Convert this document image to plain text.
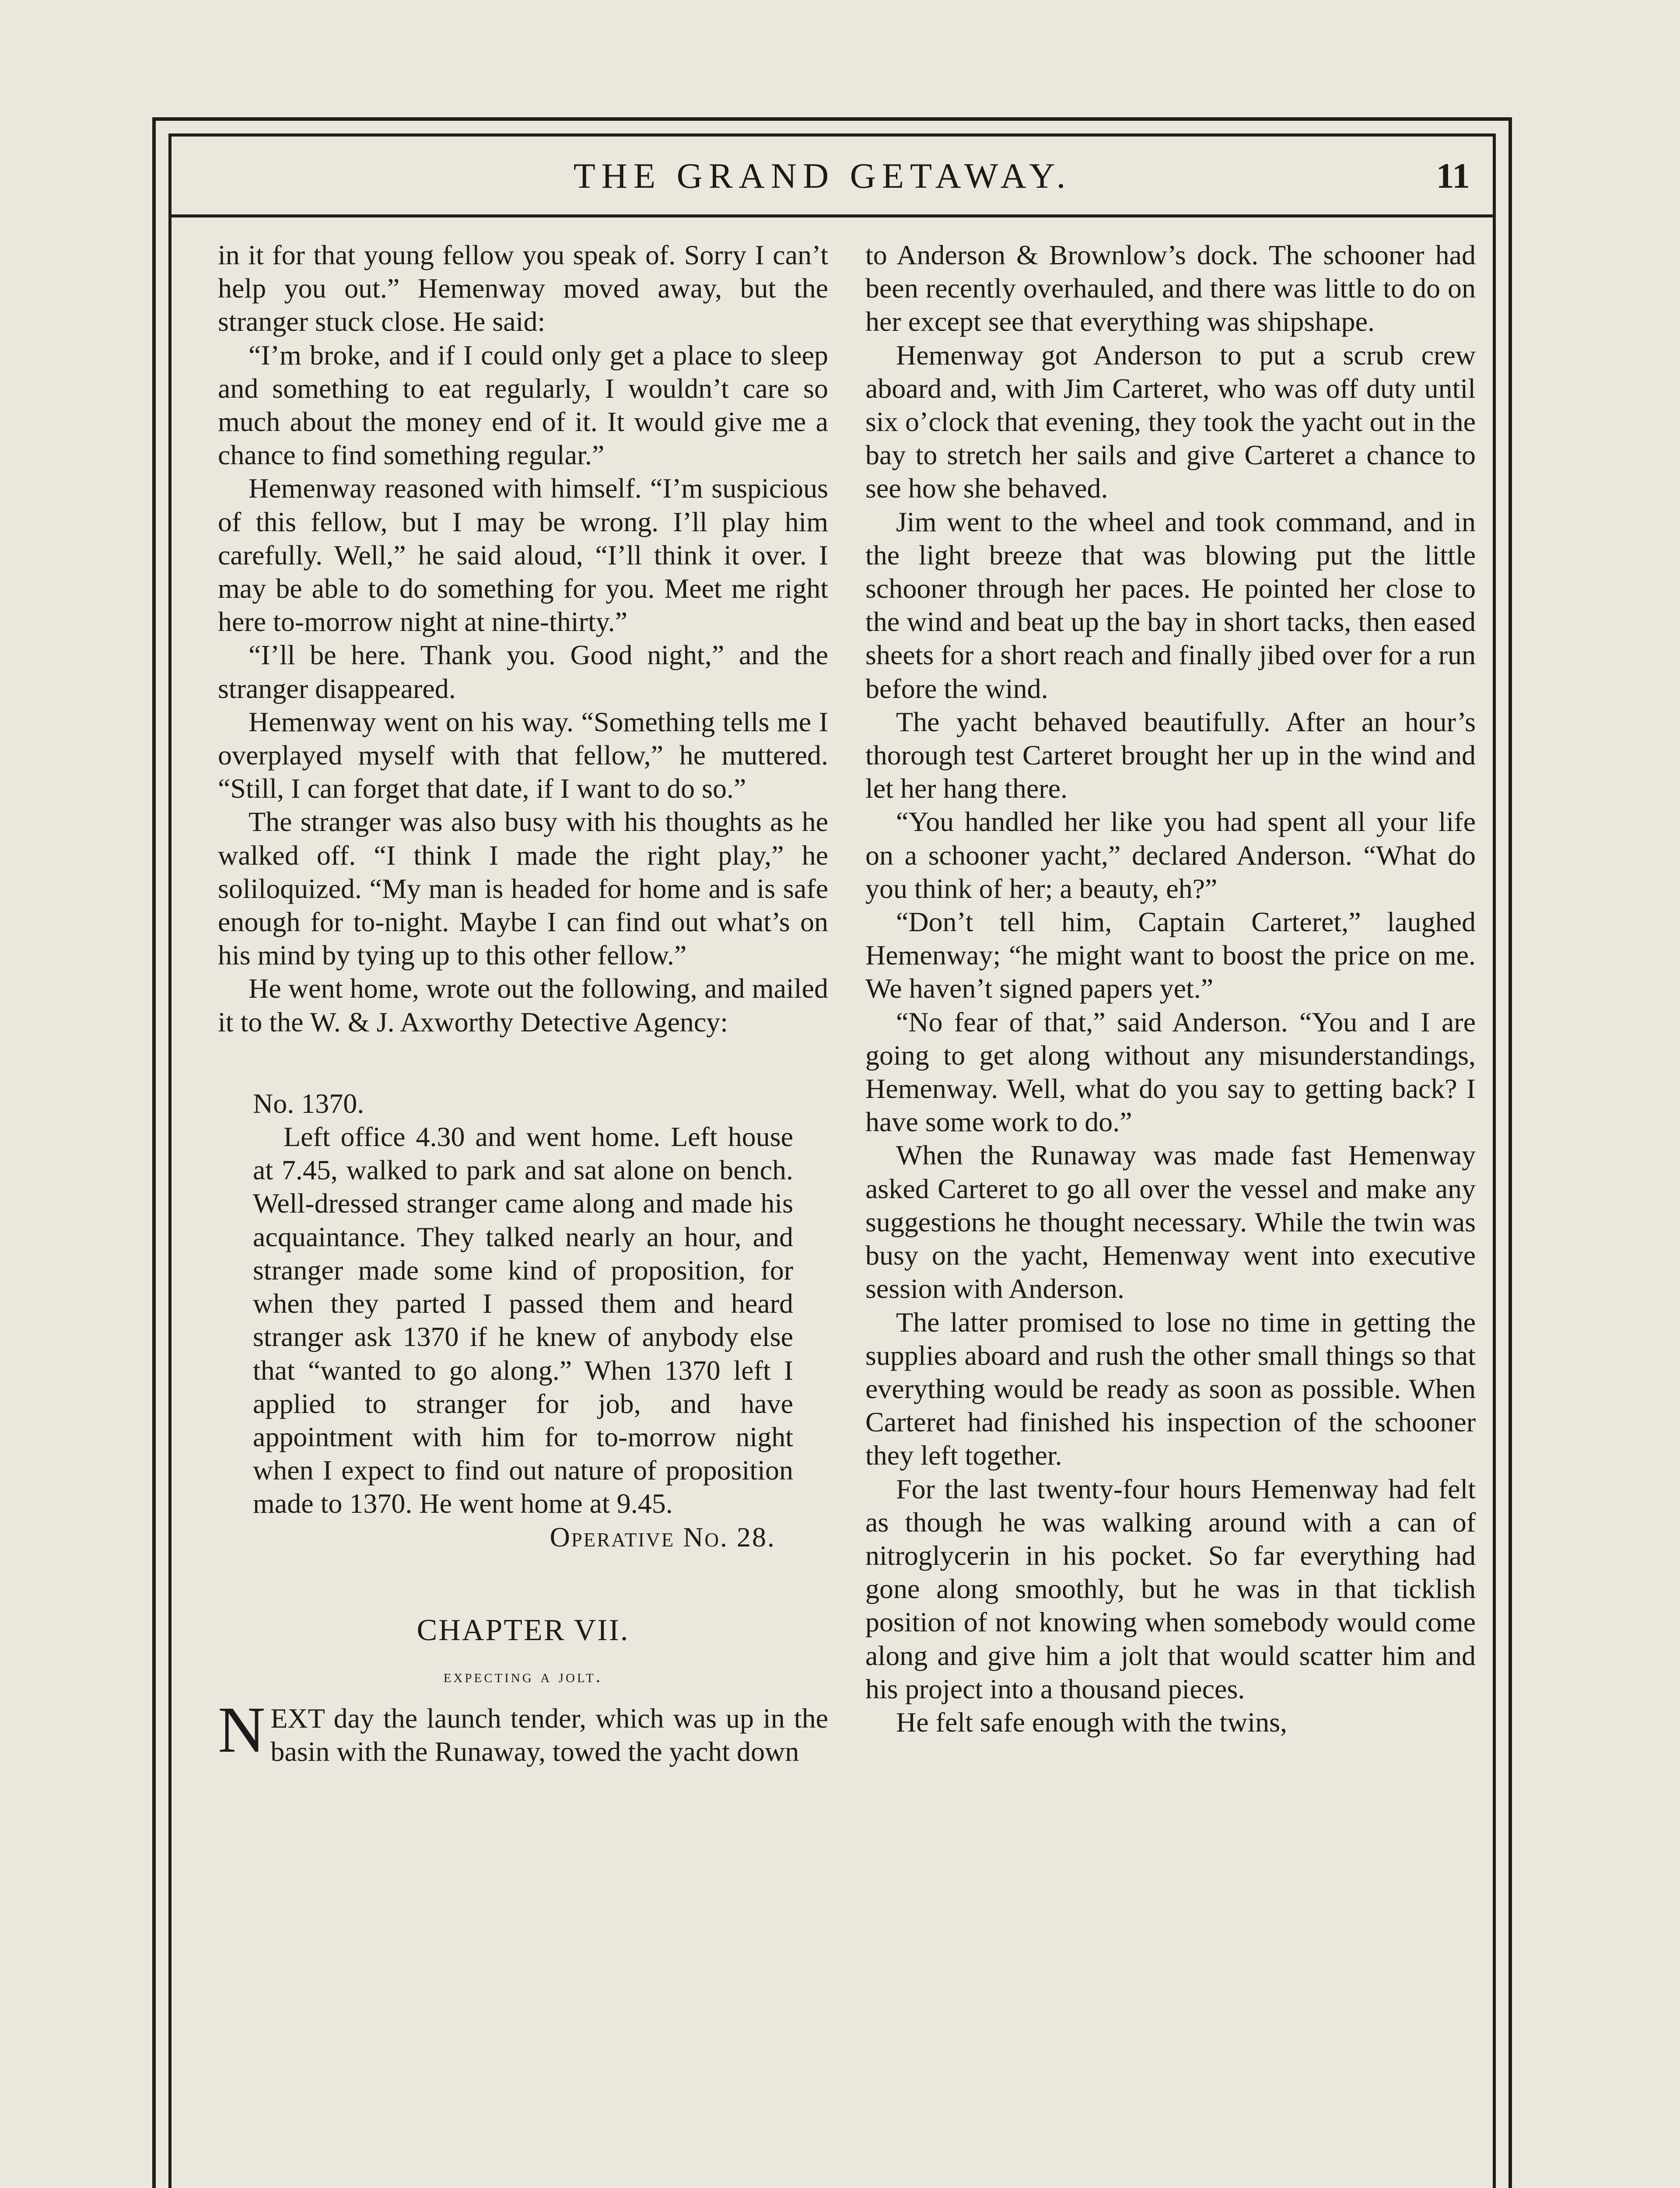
THE GRAND GETAWAY.	11

in it for that young fellow you speak of. Sorry I can’t help you out.” Hemenway moved away, but the stranger stuck close. He said:

“I’m broke, and if I could only get a place to sleep and something to eat regularly, I wouldn’t care so much about the money end of it. It would give me a chance to find something regular.”

Hemenway reasoned with himself. “I’m suspicious of this fellow, but I may be wrong. I’ll play him carefully. Well,” he said aloud, “I’ll think it over. I may be able to do something for you. Meet me right here to-morrow night at nine-thirty.”

“I’ll be here. Thank you. Good night,” and the stranger disappeared.

Hemenway went on his way. “Something tells me I overplayed myself with that fellow,” he muttered. “Still, I can forget that date, if I want to do so.”

The stranger was also busy with his thoughts as he walked off. “I think I made the right play,” he soliloquized. “My man is headed for home and is safe enough for to-night. Maybe I can find out what’s on his mind by tying up to this other fellow.”

He went home, wrote out the following, and mailed it to the W. & J. Axworthy Detective Agency:

No. 1370.

Left office 4.30 and went home. Left house at 7.45, walked to park and sat alone on bench. Well-dressed stranger came along and made his acquaintance. They talked nearly an hour, and stranger made some kind of proposition, for when they parted I passed them and heard stranger ask 1370 if he knew of anybody else that “wanted to go along.” When 1370 left I applied to stranger for job, and have appointment with him for to-morrow night when I expect to find out nature of proposition made to 1370. He went home at 9.45.

Operative No. 28.

CHAPTER VII.
expecting a jolt.

NEXT day the launch tender, which was up in the basin with the Runaway, towed the yacht down

to Anderson & Brownlow’s dock. The schooner had been recently overhauled, and there was little to do on her except see that everything was shipshape.

Hemenway got Anderson to put a scrub crew aboard and, with Jim Carteret, who was off duty until six o’clock that evening, they took the yacht out in the bay to stretch her sails and give Carteret a chance to see how she behaved.

Jim went to the wheel and took command, and in the light breeze that was blowing put the little schooner through her paces. He pointed her close to the wind and beat up the bay in short tacks, then eased sheets for a short reach and finally jibed over for a run before the wind.

The yacht behaved beautifully. After an hour’s thorough test Carteret brought her up in the wind and let her hang there.

“You handled her like you had spent all your life on a schooner yacht,” declared Anderson. “What do you think of her; a beauty, eh?”

“Don’t tell him, Captain Carteret,” laughed Hemenway; “he might want to boost the price on me. We haven’t signed papers yet.”

“No fear of that,” said Anderson. “You and I are going to get along without any misunderstandings, Hemenway. Well, what do you say to getting back? I have some work to do.”

When the Runaway was made fast Hemenway asked Carteret to go all over the vessel and make any suggestions he thought necessary. While the twin was busy on the yacht, Hemenway went into executive session with Anderson.

The latter promised to lose no time in getting the supplies aboard and rush the other small things so that everything would be ready as soon as possible. When Carteret had finished his inspection of the schooner they left together.

For the last twenty-four hours Hemenway had felt as though he was walking around with a can of nitroglycerin in his pocket. So far everything had gone along smoothly, but he was in that ticklish position of not knowing when somebody would come along and give him a jolt that would scatter him and his project into a thousand pieces.

He felt safe enough with the twins,
